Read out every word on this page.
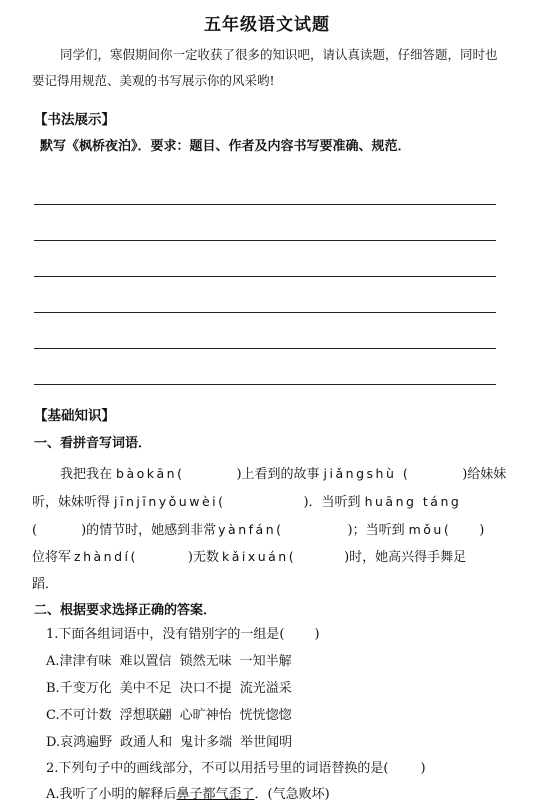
五年级语文试题
同学们，寒假期间你一定收获了很多的知识吧，请认真读题，仔细答题，同时也要记得用规范、美观的书写展示你的风采哟!
【书法展示】
默写《枫桥夜泊》．要求：题目、作者及内容书写要准确、规范．
【基础知识】
一、看拼音写词语．
我把我在 bàokān(	)上看到的故事 jiǎngshù (	)给妹妹
听，妹妹听得 jīnjīnyǒuwèi(	)．当听到 huāng táng
(	)的情节时，她感到非常 yànfán(	)；当听到 mǒu( )
位将军 zhàndí(	)无数 kǎixuán(	)时，她高兴得手舞足
蹈．
二、根据要求选择正确的答案．
1.下面各组词语中，没有错别字的一组是( )
A.津津有味 难以置信 锁然无味 一知半解
B.千变万化 美中不足 决口不提 流光溢采
C.不可计数 浮想联翩 心旷神怡 恍恍惚惚
D.哀鸿遍野 政通人和 鬼计多端 举世闻明
2.下列句子中的画线部分，不可以用括号里的词语替换的是( )
A.我听了小明的解释后鼻子都气歪了．(气急败坏)
